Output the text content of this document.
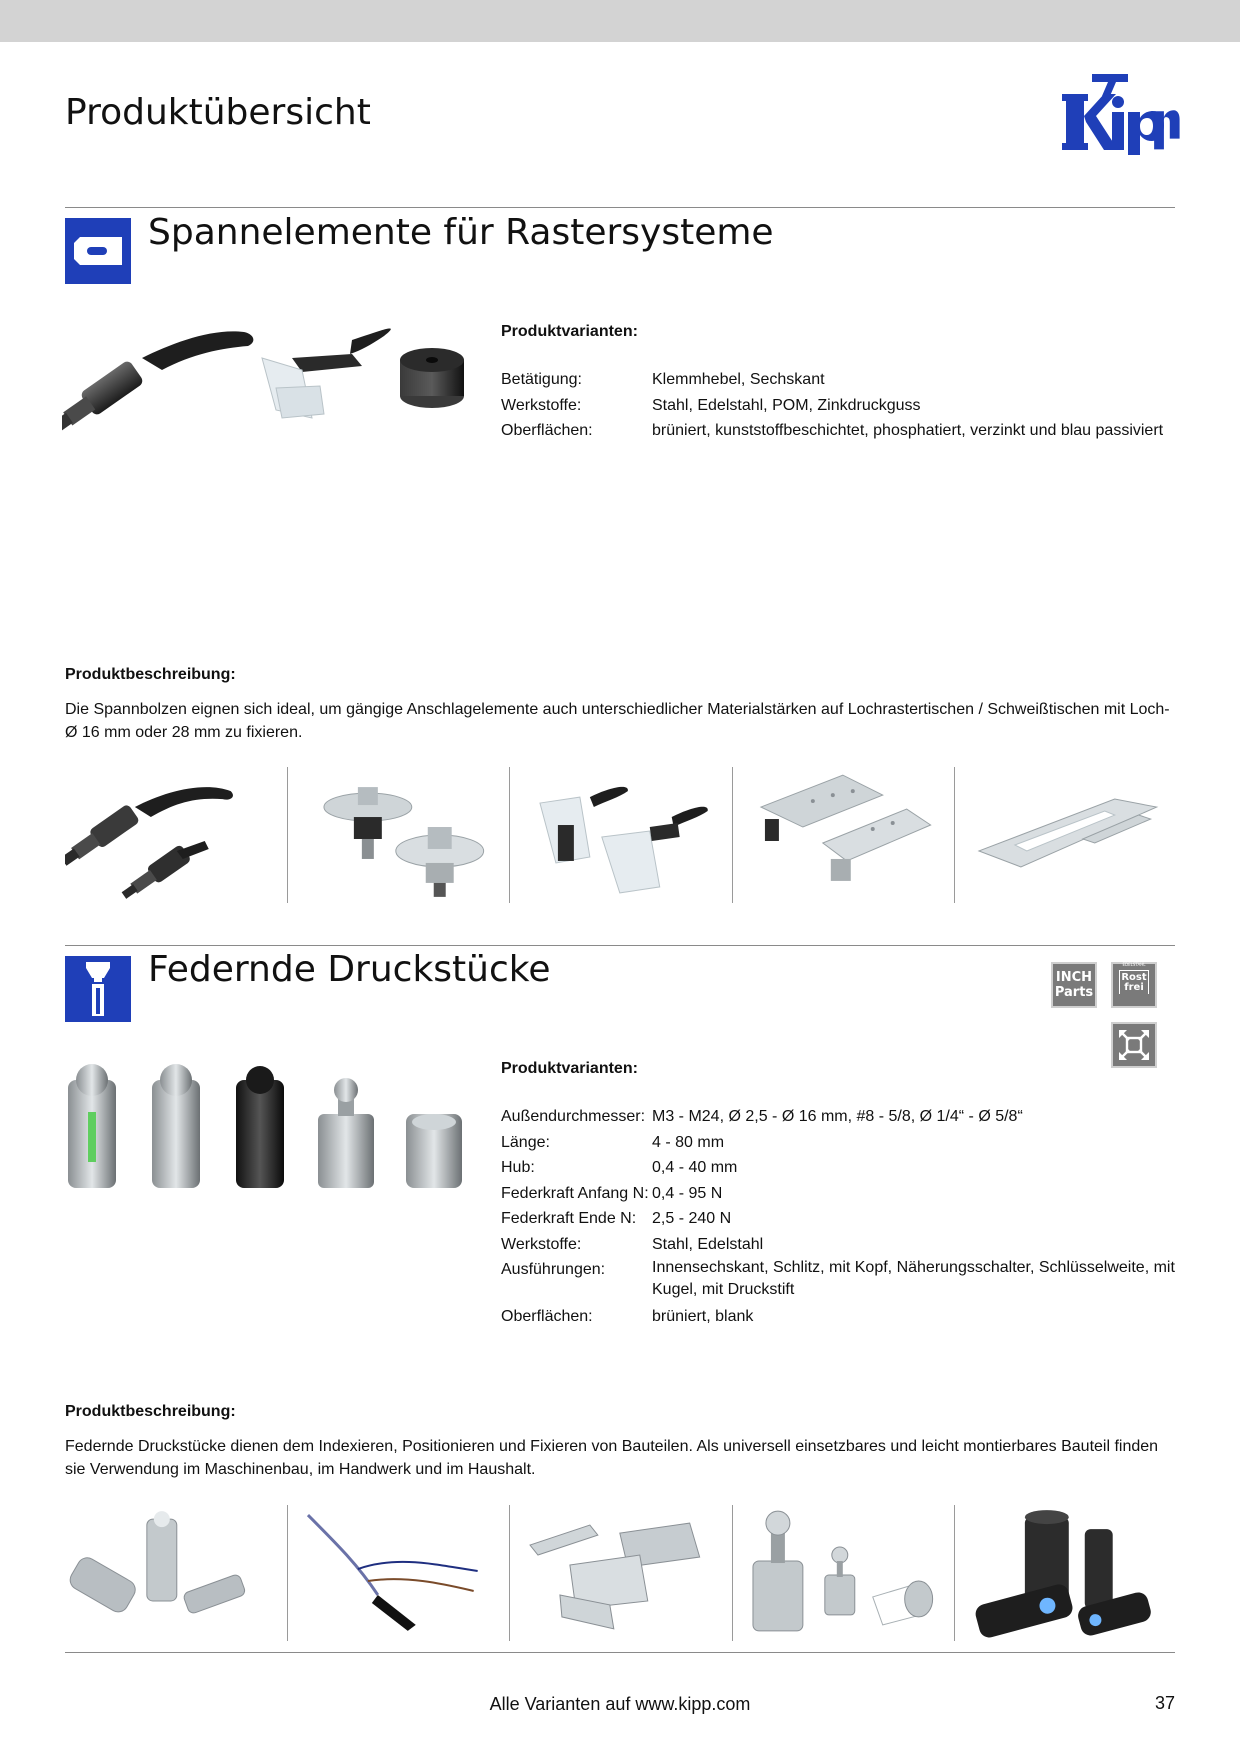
Produktübersicht
Spannelemente für Rastersysteme
Produktvarianten:
Betätigung:	Klemmhebel, Sechskant
Werkstoffe:	Stahl, Edelstahl, POM, Zinkdruckguss
Oberflächen:	brüniert, kunststoffbeschichtet, phosphatiert, verzinkt und blau passiviert
Produktbeschreibung:

Die Spannbolzen eignen sich ideal, um gängige Anschlagelemente auch unterschiedlicher Materialstärken auf Lochrastertischen / Schweißtischen mit Loch-Ø 16 mm oder 28 mm zu fixieren.

Federnde Druckstücke	INCH
Parts
EDELSTAHL
Rost
frei
Produktvarianten:
Außendurchmesser: M3 - M24, Ø 2,5 - Ø 16 mm, #8 - 5/8, Ø 1/4“ - Ø 5/8“
Länge:	4 - 80 mm
Hub:	0,4 - 40 mm
Federkraft Anfang N: 0,4 - 95 N
Federkraft Ende N: 2,5 - 240 N
Werkstoffe:	Stahl, Edelstahl
Ausführungen:	Innensechskant, Schlitz, mit Kopf, Näherungsschalter, Schlüsselweite, mit Kugel, mit Druckstift
Oberflächen:	brüniert, blank
Produktbeschreibung:

Federnde Druckstücke dienen dem Indexieren, Positionieren und Fixieren von Bauteilen. Als universell einsetzbares und leicht montierbares Bauteil finden sie Verwendung im Maschinenbau, im Handwerk und im Haushalt.

Alle Varianten auf www.kipp.com	37
